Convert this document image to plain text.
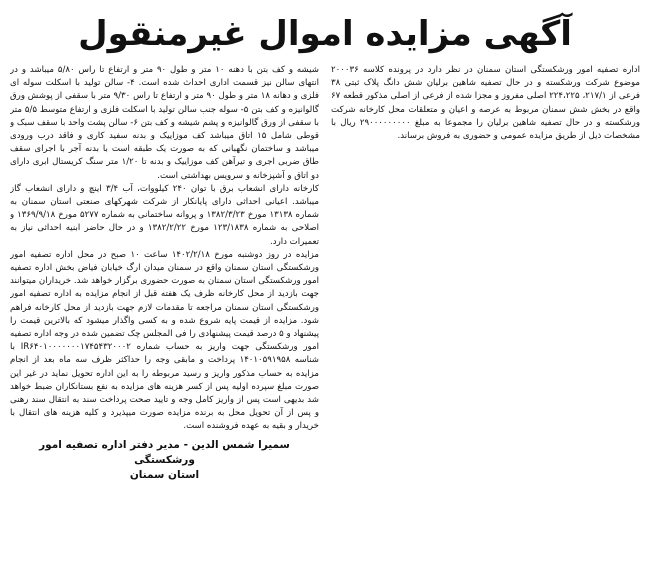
آگهی مزایده اموال غیرمنقول

اداره تصفیه امور ورشکستگی استان سمنان در نظر دارد در پرونده کلاسه ۲۰۰۰۳۶ موضوع شرکت ورشکسته و در حال تصفیه شاهین برلیان شش دانگ پلاک ثبتی ۳۸ فرعی از ۲۱۷/۱، ۲۲۴،۲۲۵ اصلی مفروز و مجزا شده از فرعی از اصلی مذکور قطعه ۶۷ واقع در بخش شش سمنان مربوط به عرصه و اعیان و متعلقات محل کارخانه شرکت ورشکسته و در حال تصفیه شاهین برلیان را مجموعا به مبلغ ۲۹۰۰۰۰۰۰۰۰۰ ریال با مشخصات ذیل از طریق مزایده عمومی و حضوری به فروش برساند.

شیشه و کف بتن با دهنه ۱۰ متر و طول ۹۰ متر و ارتفاع تا راس ۵/۸۰ میباشد و در انتهای سالن نیز قسمت اداری احداث شده است. ۴- سالن تولید با اسکلت سوله ای فلزی و دهانه ۱۸ متر و طول ۹۰ متر و ارتفاع تا راس ۹/۳۰ متر با سقفی از پوشش ورق گالوانیزه و کف بتن ۵- سوله جنب سالن تولید با اسکلت فلزی و ارتفاع متوسط ۵/۵ متر با سقفی از ورق گالوانیزه و پشم شیشه و کف بتن ۶- سالن پشت واحد با سقف سبک و قوطی شامل ۱۵ اتاق میباشد کف موزاییک و بدنه سفید کاری و فاقد درب ورودی میباشد و ساختمان نگهبانی که به صورت یک طبقه است با بدنه آجر با اجرای سقف طاق ضربی اجری و تیرآهن کف موزاییک و بدنه تا ۱/۲۰ متر سنگ کریستال ابری دارای دو اتاق و آشپزخانه و سرویس بهداشتی است.

کارخانه دارای انشعاب برق با توان ۲۴۰ کیلووات، آب ۳/۴ اینچ و دارای انشعاب گاز میباشد. اعیانی احداثی دارای پایانکار از شرکت شهرکهای صنعتی استان سمنان به شماره ۱۳۱۳۸ مورخ ۱۳۸۲/۳/۲۳ و پروانه ساختمانی به شماره ۵۲۷۷ مورخ ۱۳۶۹/۹/۱۸ و اصلاحی به شماره ۱۲۳/۱۸۳۸ مورخ ۱۳۸۲/۲/۲۲ و در حال حاضر ابنیه احداثی نیاز به تعمیرات دارد.

مزایده در روز دوشنبه مورخ ۱۴۰۲/۲/۱۸ ساعت ۱۰ صبح در محل اداره تصفیه امور ورشکستگی استان سمنان واقع در سمنان میدان ارگ خیابان فیاض بخش اداره تصفیه امور ورشکستگی استان سمنان به صورت حضوری برگزار خواهد شد. خریداران میتوانند جهت بازدید از محل کارخانه ظرف یک هفته قبل از انجام مزایده به اداره تصفیه امور ورشکستگی استان سمنان مراجعه تا مقدمات لازم جهت بازدید از محل کارخانه فراهم شود. مزایده از قیمت پایه شروع شده و به کسی واگذار میشود که بالاترین قیمت را پیشنهاد و ۵ درصد قیمت پیشنهادی را فی المجلس چک تضمین شده در وجه اداره تصفیه امور ورشکستگی جهت واریز به حساب شماره IR۶۴۰۱۰۰۰۰۰۰۰۱۷۴۵۴۳۲۰۰۰۲ با شناسه ۱۴۰۱۰۵۹۱۹۵۸ پرداخت و مابقی وجه را حداکثر ظرف سه ماه بعد از انجام مزایده به حساب مذکور واریز و رسید مربوطه را به این اداره تحویل نماید در غیر این صورت مبلغ سپرده اولیه پس از کسر هزینه های مزایده به نفع بستانکاران ضبط خواهد شد بدیهی است پس از واریز کامل وجه و تایید صحت پرداخت سند به انتقال سند رهنی و پس از آن تحویل محل به برنده مزایده صورت میپذیرد و کلیه هزینه های انتقال با خریدار و بقیه به عهده فروشنده است.

سمیرا شمس الدین - مدیر دفتر اداره تصفیه امور ورشکستگی
استان سمنان
